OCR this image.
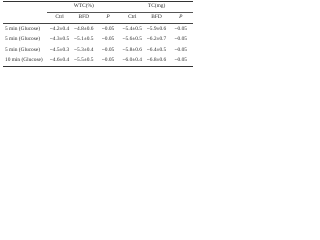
	WTC(%)			TC(mg)		
	Ctrl	BFD	P	Ctrl	BFD	P
5 min (Glucose)	~4.2±0.4	~4.8±0.6	~0.05	~5.4±0.5	~5.9±0.6	~0.05
5 min (Glucose)	~4.3±0.5	~5.1±0.5	~0.05	~5.6±0.5	~6.2±0.7	~0.05
5 min (Glucose)	~4.5±0.3	~5.3±0.4	~0.05	~5.8±0.6	~6.4±0.5	~0.05
10 min (Glucose)	~4.6±0.4	~5.5±0.5	~0.05	~6.0±0.4	~6.8±0.6	~0.05
